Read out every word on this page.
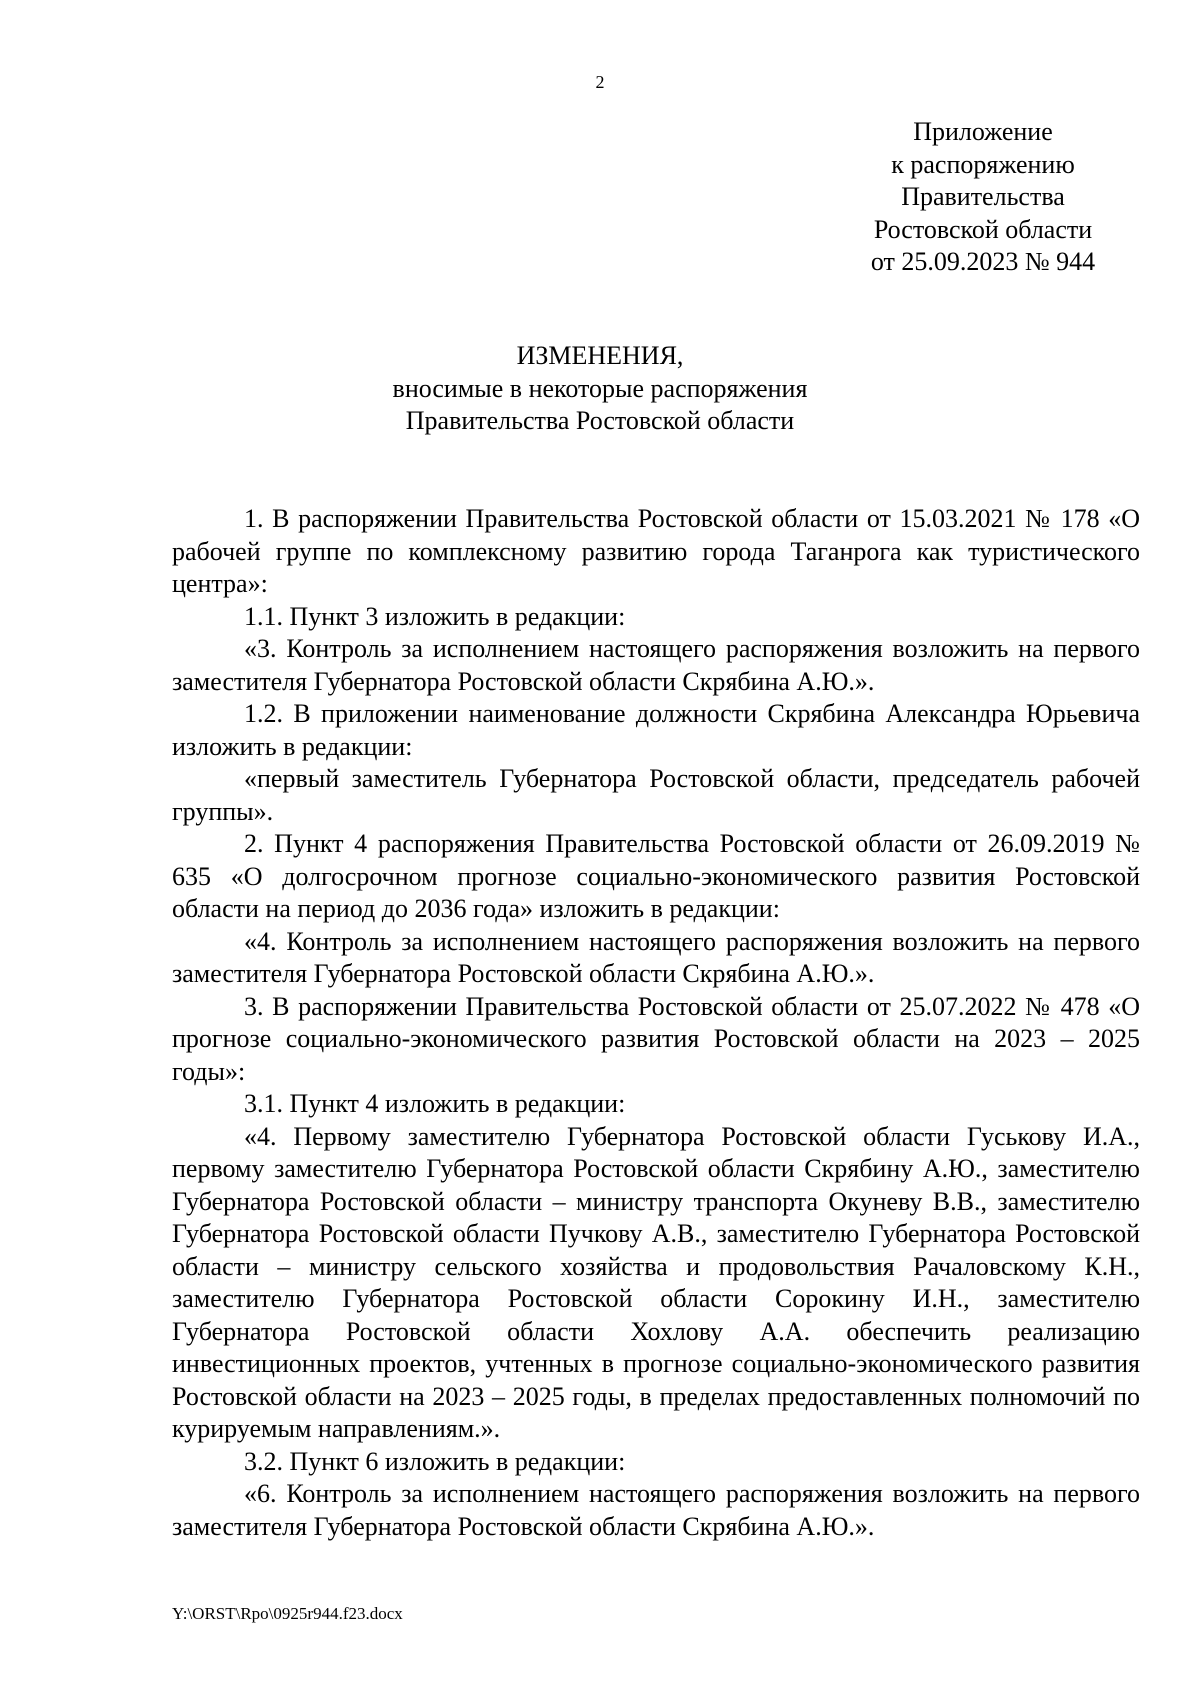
2
Приложение
к распоряжению
Правительства
Ростовской области
от 25.09.2023 № 944
ИЗМЕНЕНИЯ,
вносимые в некоторые распоряжения
Правительства Ростовской области

1. В распоряжении Правительства Ростовской области от 15.03.2021 № 178 «О рабочей группе по комплексному развитию города Таганрога как туристического центра»:

1.1. Пункт 3 изложить в редакции:

«3. Контроль за исполнением настоящего распоряжения возложить на первого заместителя Губернатора Ростовской области Скрябина А.Ю.».

1.2. В приложении наименование должности Скрябина Александра Юрьевича изложить в редакции:

«первый заместитель Губернатора Ростовской области, председатель рабочей группы».

2. Пункт 4 распоряжения Правительства Ростовской области от 26.09.2019 № 635 «О долгосрочном прогнозе социально-экономического развития Ростовской области на период до 2036 года» изложить в редакции:

«4. Контроль за исполнением настоящего распоряжения возложить на первого заместителя Губернатора Ростовской области Скрябина А.Ю.».

3. В распоряжении Правительства Ростовской области от 25.07.2022 № 478 «О прогнозе социально-экономического развития Ростовской области на 2023 – 2025 годы»:

3.1. Пункт 4 изложить в редакции:

«4. Первому заместителю Губернатора Ростовской области Гуськову И.А., первому заместителю Губернатора Ростовской области Скрябину А.Ю., заместителю Губернатора Ростовской области – министру транспорта Окуневу В.В., заместителю Губернатора Ростовской области Пучкову А.В., заместителю Губернатора Ростовской области – министру сельского хозяйства и продовольствия Рачаловскому К.Н., заместителю Губернатора Ростовской области Сорокину И.Н., заместителю Губернатора Ростовской области Хохлову А.А. обеспечить реализацию инвестиционных проектов, учтенных в прогнозе социально-экономического развития Ростовской области на 2023 – 2025 годы, в пределах предоставленных полномочий по курируемым направлениям.».

3.2. Пункт 6 изложить в редакции:

«6. Контроль за исполнением настоящего распоряжения возложить на первого заместителя Губернатора Ростовской области Скрябина А.Ю.».

Y:\ORST\Rpo\0925r944.f23.docx
